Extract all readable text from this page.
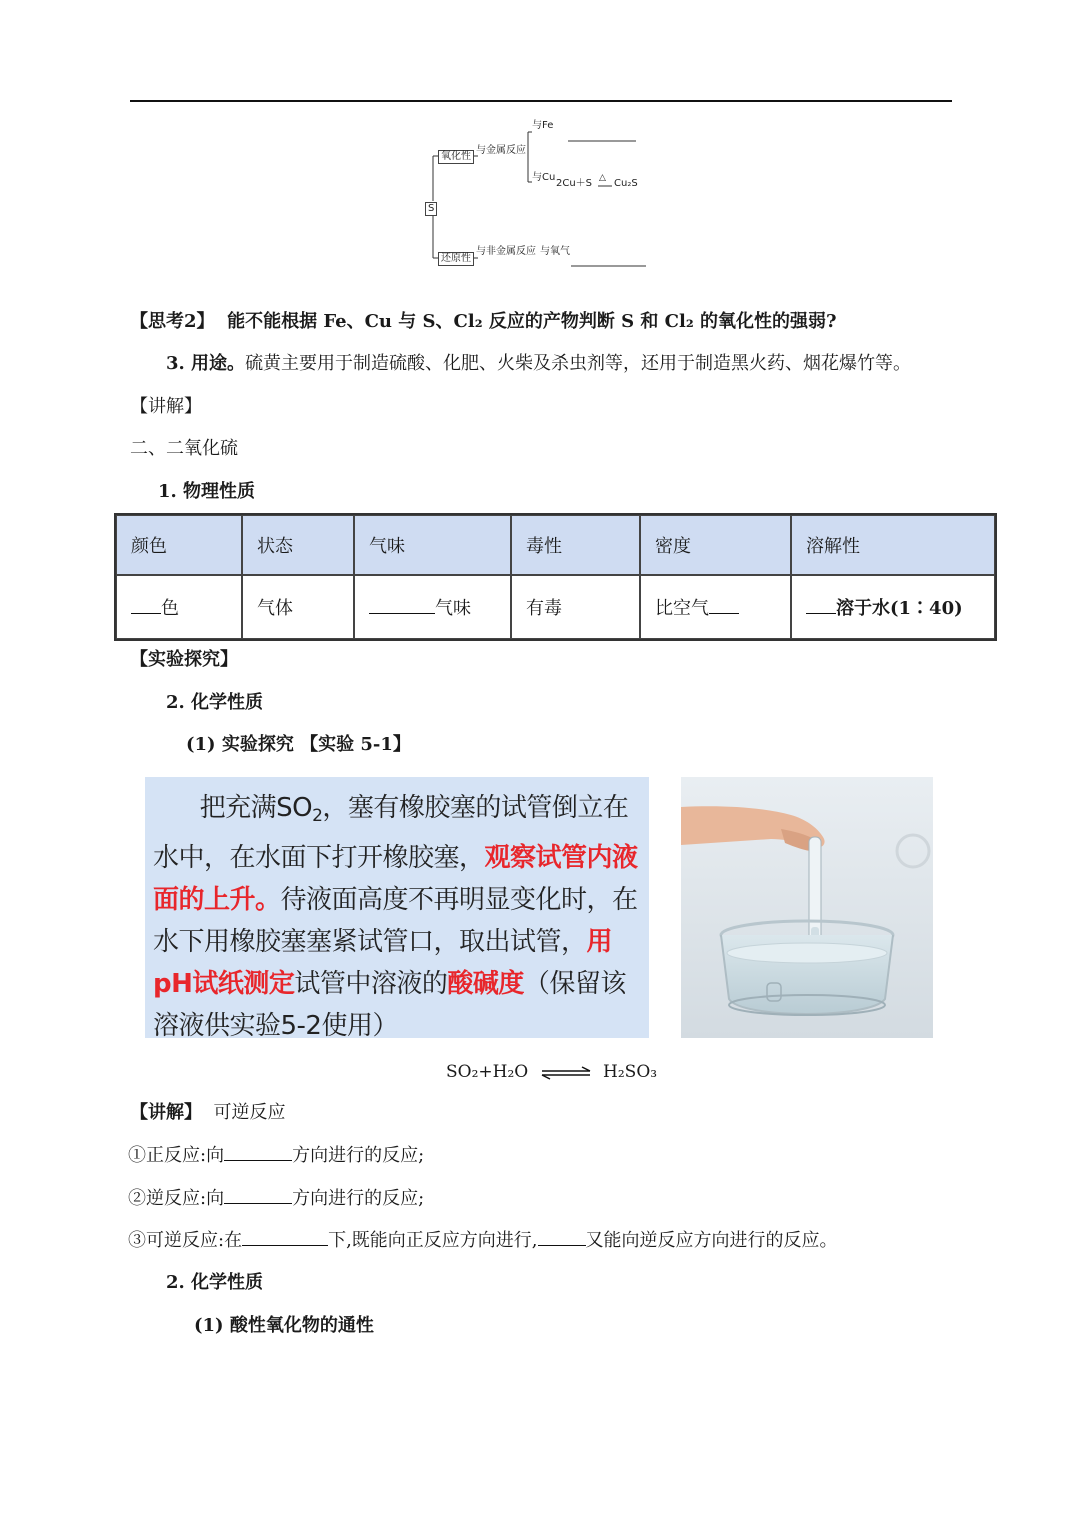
S
氧化性
与金属反应
与Fe
与Cu
2Cu＋S △ Cu₂S
还原性
与非金属反应 与氧气
【思考2】 能不能根据 Fe、Cu 与 S、Cl₂ 反应的产物判断 S 和 Cl₂ 的氧化性的强弱?
3. 用途。硫黄主要用于制造硫酸、化肥、火柴及杀虫剂等，还用于制造黑火药、烟花爆竹等。
【讲解】
二、二氧化硫
1. 物理性质
颜色	状态	气味	毒性	密度	溶解性
色	气体	气味	有毒	比空气	溶于水(1∶40)
【实验探究】
2. 化学性质
(1) 实验探究 【实验 5-1】

把充满$SO_2$，塞有橡胶塞的试管倒立在水中，在水面下打开橡胶塞，观察试管内液面的上升。待液面高度不再明显变化时，在水下用橡胶塞塞紧试管口，取出试管，用pH试纸测定试管中溶液的酸碱度（保留该溶液供实验5-2使用）

SO₂+H₂O ⇌ H₂SO₃
【讲解】 可逆反应
①正反应:向	方向进行的反应;
②逆反应:向	方向进行的反应;
③可逆反应:在	下,既能向正反应方向进行,	又能向逆反应方向进行的反应。
2. 化学性质
(1) 酸性氧化物的通性
